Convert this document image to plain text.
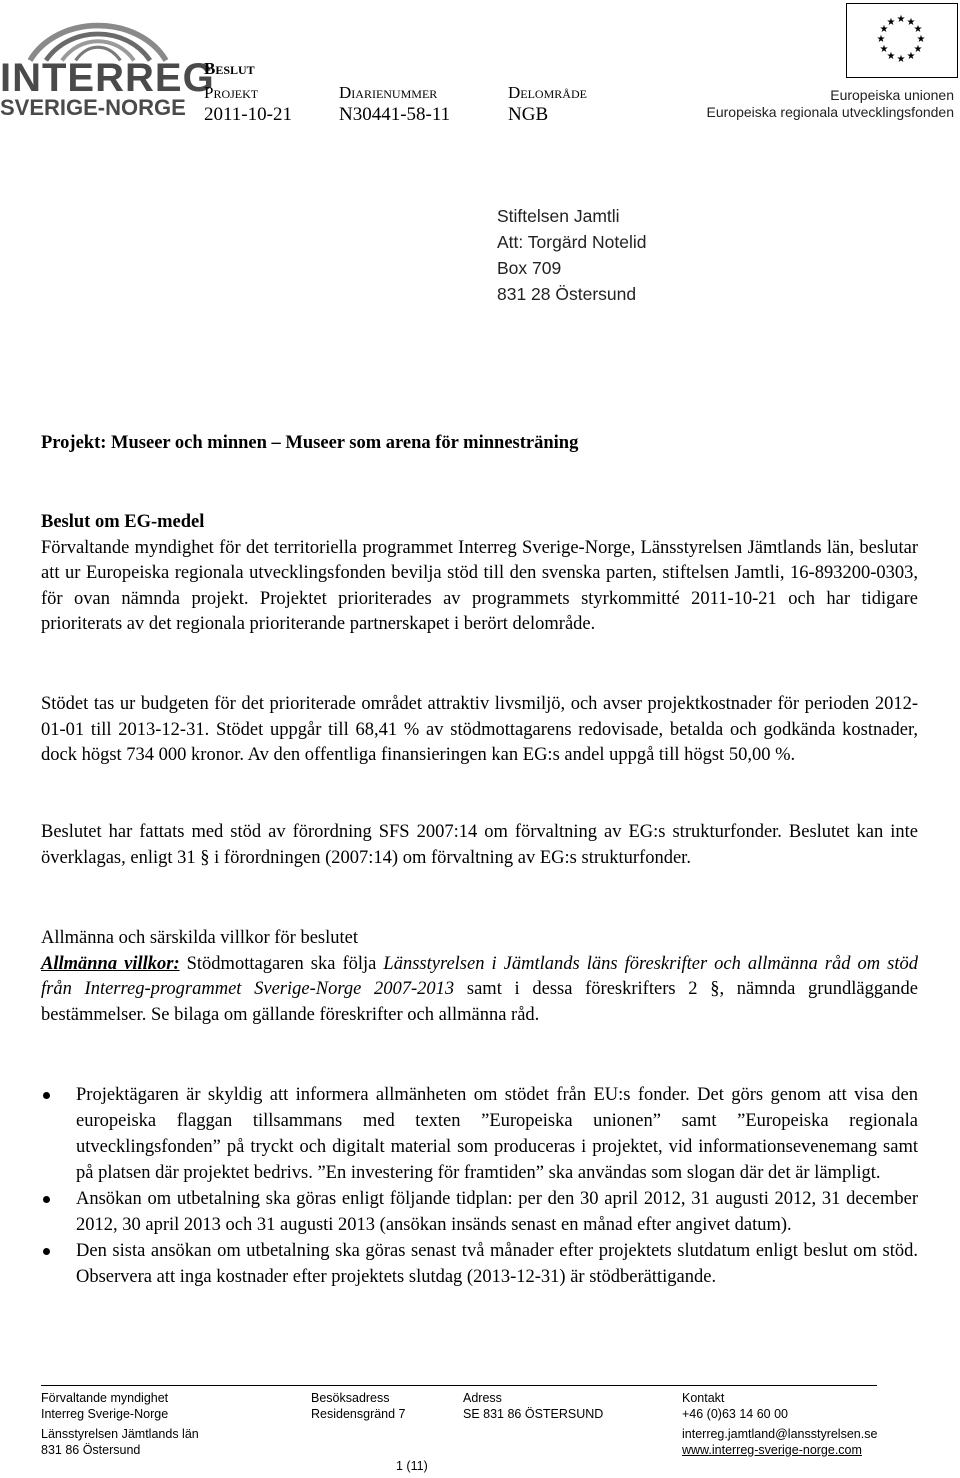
INTERREG
SVERIGE-NORGE
Beslut
Projekt
2011-10-21
Diarienummer
N30441-58-11
Delområde
NGB
★ ★
★
★
★
★
★
★
★
★
★
★
Europeiska unionen
Europeiska regionala utvecklingsfonden
Stiftelsen Jamtli
Att: Torgärd Notelid
Box 709
831 28 Östersund
Projekt: Museer och minnen – Museer som arena för minnesträning
Beslut om EG-medel
Förvaltande myndighet för det territoriella programmet Interreg Sverige-Norge, Länsstyrelsen Jämtlands län, beslutar att ur Europeiska regionala utvecklingsfonden bevilja stöd till den svenska parten, stiftelsen Jamtli, 16-893200-0303, för ovan nämnda projekt. Projektet prioriterades av programmets styrkommitté 2011-10-21 och har tidigare prioriterats av det regionala prioriterande partnerskapet i berört delområde.
Stödet tas ur budgeten för det prioriterade området attraktiv livsmiljö, och avser projektkostnader för perioden 2012-01-01 till 2013-12-31. Stödet uppgår till 68,41 % av stödmottagarens redovisade, betalda och godkända kostnader, dock högst 734 000 kronor. Av den offentliga finansieringen kan EG:s andel uppgå till högst 50,00 %.
Beslutet har fattats med stöd av förordning SFS 2007:14 om förvaltning av EG:s strukturfonder. Beslutet kan inte överklagas, enligt 31 § i förordningen (2007:14) om förvaltning av EG:s strukturfonder.
Allmänna och särskilda villkor för beslutet
Allmänna villkor: Stödmottagaren ska följa Länsstyrelsen i Jämtlands läns föreskrifter och allmänna råd om stöd från Interreg-programmet Sverige-Norge 2007-2013 samt i dessa föreskrifters 2 §, nämnda grundläggande bestämmelser. Se bilaga om gällande föreskrifter och allmänna råd.
Projektägaren är skyldig att informera allmänheten om stödet från EU:s fonder. Det görs genom att visa den europeiska flaggan tillsammans med texten ”Europeiska unionen” samt ”Europeiska regionala utvecklingsfonden” på tryckt och digitalt material som produceras i projektet, vid informationsevenemang samt på platsen där projektet bedrivs. ”En investering för framtiden” ska användas som slogan där det är lämpligt.
Ansökan om utbetalning ska göras enligt följande tidplan: per den 30 april 2012, 31 augusti 2012, 31 december 2012, 30 april 2013 och 31 augusti 2013 (ansökan insänds senast en månad efter angivet datum).
Den sista ansökan om utbetalning ska göras senast två månader efter projektets slutdatum enligt beslut om stöd. Observera att inga kostnader efter projektets slutdag (2013-12-31) är stödberättigande.
Förvaltande myndighet
Interreg Sverige-Norge
Länsstyrelsen Jämtlands län
831 86 Östersund
Besöksadress
Residensgränd 7
Adress
SE 831 86 ÖSTERSUND
Kontakt
+46 (0)63 14 60 00
interreg.jamtland@lansstyrelsen.se
www.interreg-sverige-norge.com
1 (11)
